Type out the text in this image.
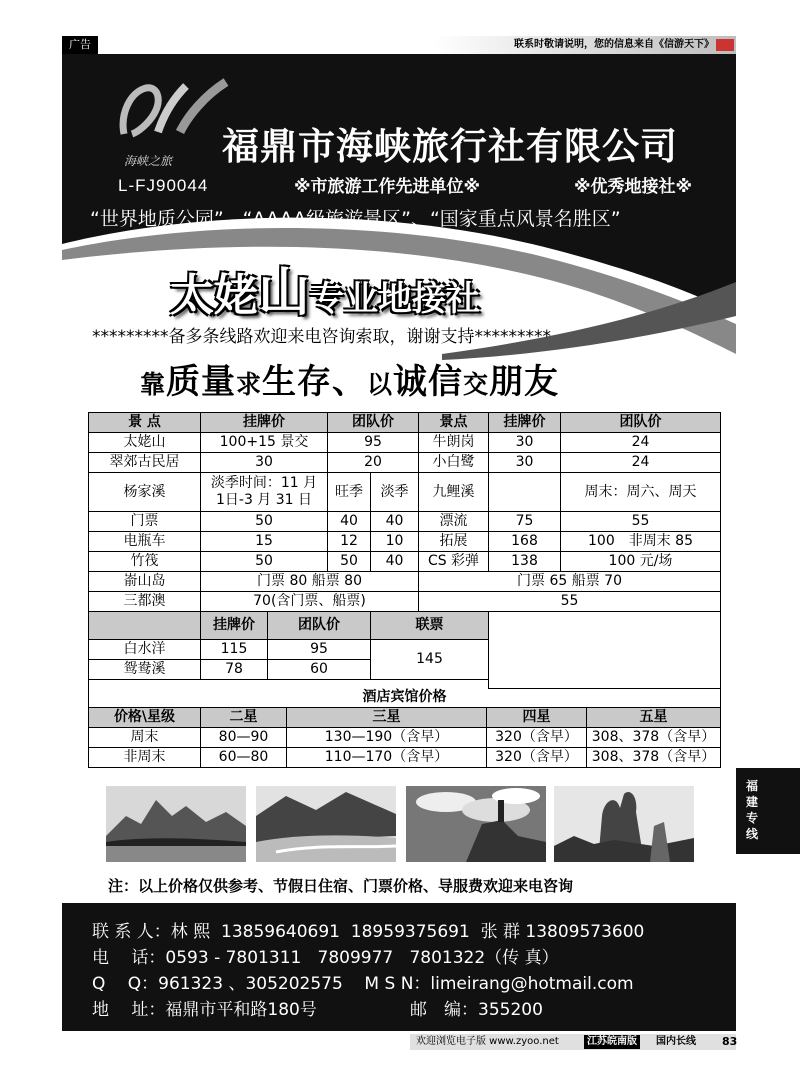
广告	联系时敬请说明，您的信息来自《信游天下》
海峡之旅
L-FJ90044
福鼎市海峡旅行社有限公司
※市旅游工作先进单位※	※优秀地接社※
“世界地质公园”、“AAAA级旅游景区”、“国家重点风景名胜区”
太姥山专业地接社
*********备多条线路欢迎来电咨询索取，谢谢支持*********
靠质量求生存、以诚信交朋友
景 点	挂牌价		团队价		景点	挂牌价	团队价
太姥山	100+15 景交		95		牛朗岗	30	24
翠郊古民居	30		20		小白鹭	30	24
杨家溪	淡季时间：11 月 1日-3 月 31 日		旺季	淡季	九鲤溪		周末：周六、周天
门票	50		40	40	漂流	75	55
电瓶车	15		12	10	拓展	168	100　非周末 85
竹筏	50		50	40	CS 彩弹	138	100 元/场
嵛山岛	门票 80 船票 80				门票 65 船票 70		
三都澳	70(含门票、船票)				55		
	挂牌价	团队价		联票			
白水洋	115	95		145			
鸳鸯溪	78	60					

酒店宾馆价格				
价格\星级	二星	三星	四星	五星
周末	80—90	130—190（含早）	320（含早）	308、378（含早）
非周末	60—80	110—170（含早）	320（含早）	308、378（含早）
注：以上价格仅供参考、节假日住宿、门票价格、导服费欢迎来电咨询
联 系 人：林 熙  13859640691  18959375691  张 群 13809573600
电　 话：0593 - 7801311   7809977   7801322（传 真）
Q　 Q：961323 、305202575    M S N：limeirang@hotmail.com
地　 址：福鼎市平和路180号	邮　编：355200
福建专线
欢迎浏览电子版 www.zyoo.net	江苏皖南版	国内长线 83
